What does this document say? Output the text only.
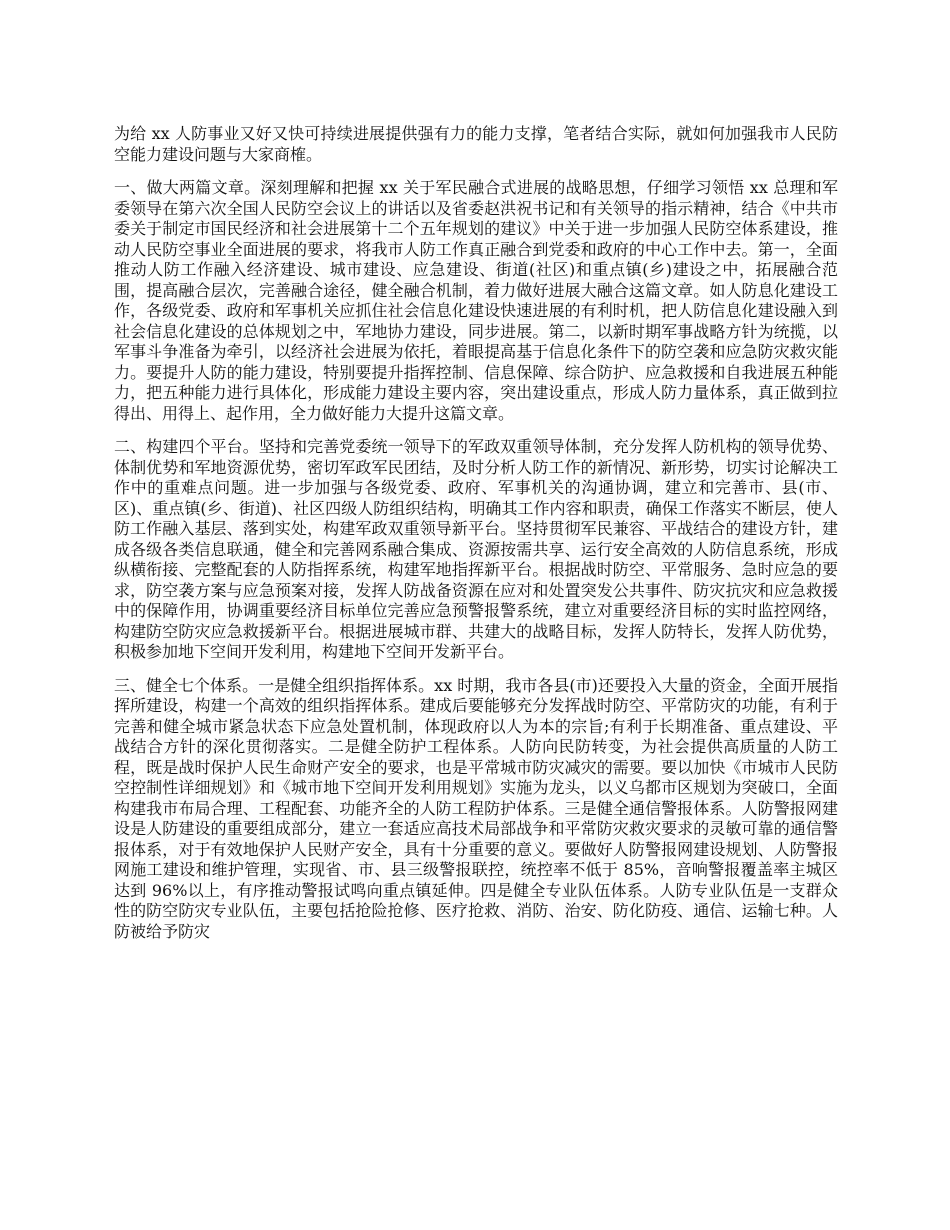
为给 xx 人防事业又好又快可持续进展提供强有力的能力支撑，笔者结合实际，就如何加强我市人民防空能力建设问题与大家商榷。

一、做大两篇文章。深刻理解和把握 xx 关于军民融合式进展的战略思想，仔细学习领悟 xx 总理和军委领导在第六次全国人民防空会议上的讲话以及省委赵洪祝书记和有关领导的指示精神，结合《中共市委关于制定市国民经济和社会进展第十二个五年规划的建议》中关于进一步加强人民防空体系建设，推动人民防空事业全面进展的要求，将我市人防工作真正融合到党委和政府的中心工作中去。第一，全面推动人防工作融入经济建设、城市建设、应急建设、街道(社区)和重点镇(乡)建设之中，拓展融合范围，提高融合层次，完善融合途径，健全融合机制，着力做好进展大融合这篇文章。如人防息化建设工作，各级党委、政府和军事机关应抓住社会信息化建设快速进展的有利时机，把人防信息化建设融入到社会信息化建设的总体规划之中，军地协力建设，同步进展。第二，以新时期军事战略方针为统揽，以军事斗争准备为牵引，以经济社会进展为依托，着眼提高基于信息化条件下的防空袭和应急防灾救灾能力。要提升人防的能力建设，特别要提升指挥控制、信息保障、综合防护、应急救援和自我进展五种能力，把五种能力进行具体化，形成能力建设主要内容，突出建设重点，形成人防力量体系，真正做到拉得出、用得上、起作用，全力做好能力大提升这篇文章。

二、构建四个平台。坚持和完善党委统一领导下的军政双重领导体制，充分发挥人防机构的领导优势、体制优势和军地资源优势，密切军政军民团结，及时分析人防工作的新情况、新形势，切实讨论解决工作中的重难点问题。进一步加强与各级党委、政府、军事机关的沟通协调，建立和完善市、县(市、区)、重点镇(乡、街道)、社区四级人防组织结构，明确其工作内容和职责，确保工作落实不断层，使人防工作融入基层、落到实处，构建军政双重领导新平台。坚持贯彻军民兼容、平战结合的建设方针，建成各级各类信息联通，健全和完善网系融合集成、资源按需共享、运行安全高效的人防信息系统，形成纵横衔接、完整配套的人防指挥系统，构建军地指挥新平台。根据战时防空、平常服务、急时应急的要求，防空袭方案与应急预案对接，发挥人防战备资源在应对和处置突发公共事件、防灾抗灾和应急救援中的保障作用，协调重要经济目标单位完善应急预警报警系统，建立对重要经济目标的实时监控网络，构建防空防灾应急救援新平台。根据进展城市群、共建大的战略目标，发挥人防特长，发挥人防优势，积极参加地下空间开发利用，构建地下空间开发新平台。

三、健全七个体系。一是健全组织指挥体系。xx 时期，我市各县(市)还要投入大量的资金，全面开展指挥所建设，构建一个高效的组织指挥体系。建成后要能够充分发挥战时防空、平常防灾的功能，有利于完善和健全城市紧急状态下应急处置机制，体现政府以人为本的宗旨;有利于长期准备、重点建设、平战结合方针的深化贯彻落实。二是健全防护工程体系。人防向民防转变，为社会提供高质量的人防工程，既是战时保护人民生命财产安全的要求，也是平常城市防灾减灾的需要。要以加快《市城市人民防空控制性详细规划》和《城市地下空间开发利用规划》实施为龙头，以义乌都市区规划为突破口，全面构建我市布局合理、工程配套、功能齐全的人防工程防护体系。三是健全通信警报体系。人防警报网建设是人防建设的重要组成部分，建立一套适应高技术局部战争和平常防灾救灾要求的灵敏可靠的通信警报体系，对于有效地保护人民财产安全，具有十分重要的意义。要做好人防警报网建设规划、人防警报网施工建设和维护管理，实现省、市、县三级警报联控，统控率不低于 85%，音响警报覆盖率主城区达到 96%以上，有序推动警报试鸣向重点镇延伸。四是健全专业队伍体系。人防专业队伍是一支群众性的防空防灾专业队伍，主要包括抢险抢修、医疗抢救、消防、治安、防化防疫、通信、运输七种。人防被给予防灾
